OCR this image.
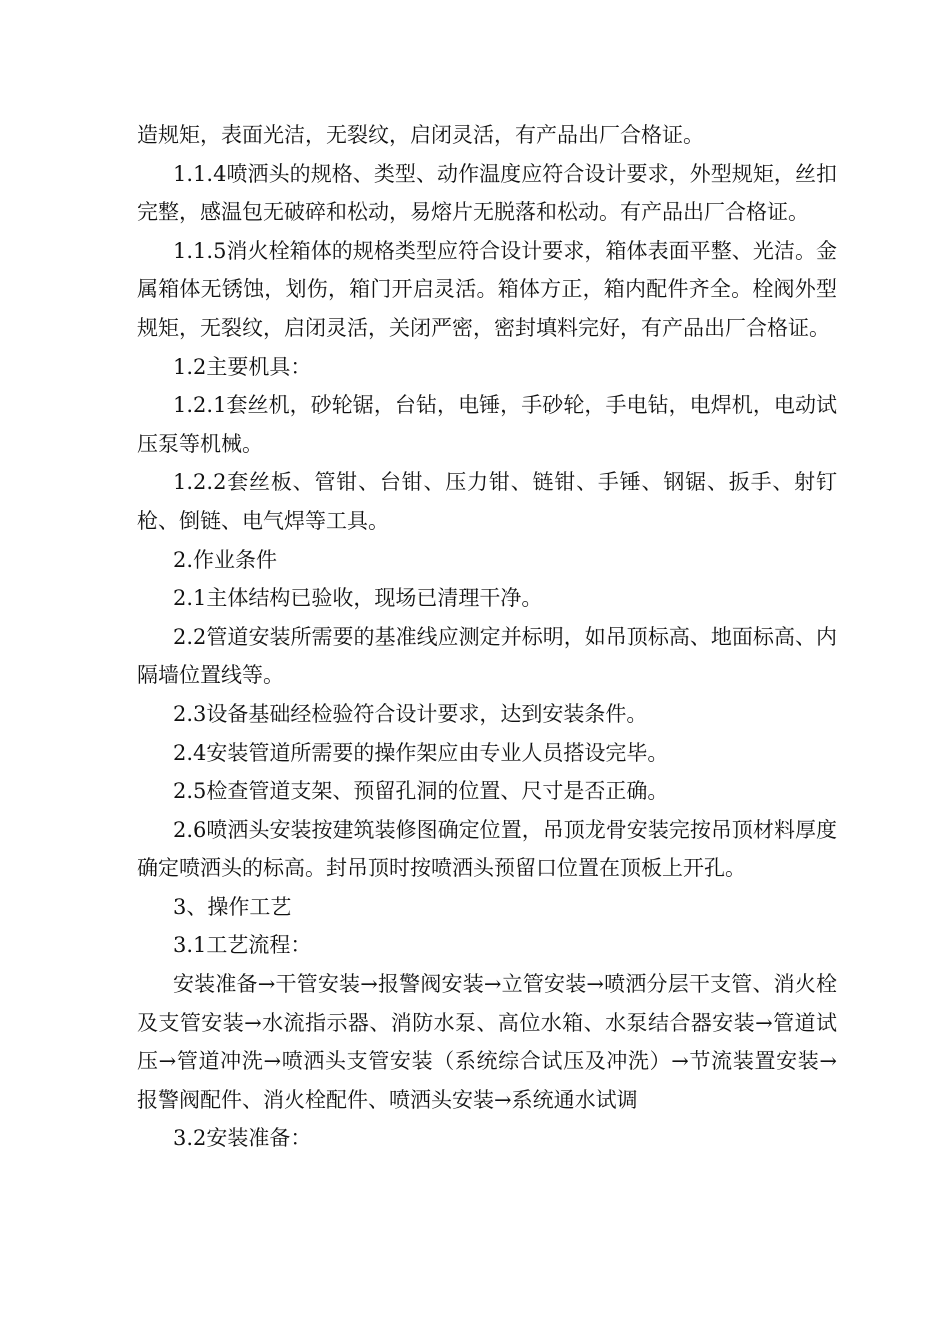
造规矩，表面光洁，无裂纹，启闭灵活，有产品出厂合格证。

1.1.4喷洒头的规格、类型、动作温度应符合设计要求，外型规矩，丝扣完整，感温包无破碎和松动，易熔片无脱落和松动。有产品出厂合格证。

1.1.5消火栓箱体的规格类型应符合设计要求，箱体表面平整、光洁。金属箱体无锈蚀，划伤，箱门开启灵活。箱体方正，箱内配件齐全。栓阀外型规矩，无裂纹，启闭灵活，关闭严密，密封填料完好，有产品出厂合格证。

1.2主要机具：

1.2.1套丝机，砂轮锯，台钻，电锤，手砂轮，手电钻，电焊机，电动试压泵等机械。

1.2.2套丝板、管钳、台钳、压力钳、链钳、手锤、钢锯、扳手、射钉枪、倒链、电气焊等工具。

2.作业条件

2.1主体结构已验收，现场已清理干净。

2.2管道安装所需要的基准线应测定并标明，如吊顶标高、地面标高、内隔墙位置线等。

2.3设备基础经检验符合设计要求，达到安装条件。

2.4安装管道所需要的操作架应由专业人员搭设完毕。

2.5检查管道支架、预留孔洞的位置、尺寸是否正确。

2.6喷洒头安装按建筑装修图确定位置，吊顶龙骨安装完按吊顶材料厚度确定喷洒头的标高。封吊顶时按喷洒头预留口位置在顶板上开孔。

3、操作工艺

3.1工艺流程：

安装准备→干管安装→报警阀安装→立管安装→喷洒分层干支管、消火栓及支管安装→水流指示器、消防水泵、高位水箱、水泵结合器安装→管道试压→管道冲洗→喷洒头支管安装（系统综合试压及冲洗）→节流装置安装→报警阀配件、消火栓配件、喷洒头安装→系统通水试调

3.2安装准备：
